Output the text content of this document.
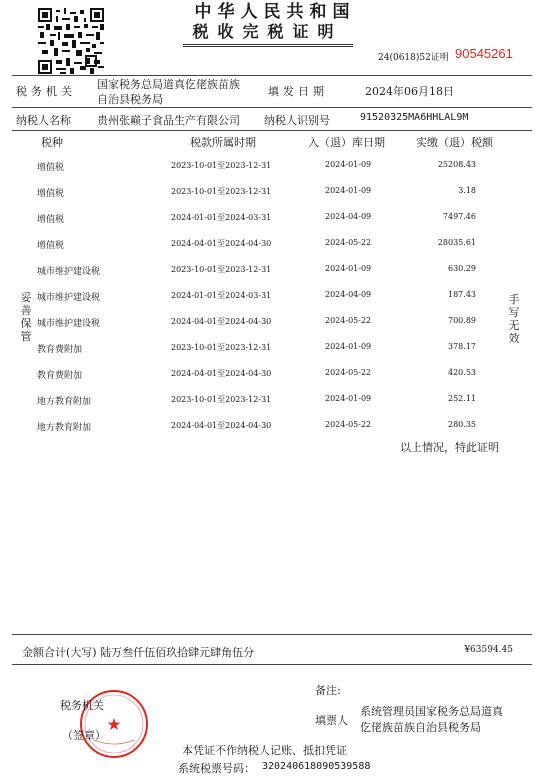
中华人民共和国
税收完税证明
24(0618)52证明 90545261
税务机关
国家税务总局道真仡佬族苗族
自治县税务局
填发日期	2024年06月18日
纳税人名称 贵州张巅子食品生产有限公司 纳税人识别号	91520325MA6HHLAL9M
税种	税款所属时期	入（退）库日期	实缴（退）税额
增值税	2023-10-01至2023-12-31	2024-01-09	25208.43
增值税	2023-10-01至2023-12-31	2024-01-09	3.18
增值税	2024-01-01至2024-03-31	2024-04-09	7497.46
增值税	2024-04-01至2024-04-30	2024-05-22	28035.61
城市维护建设税	2023-10-01至2023-12-31	2024-01-09	630.29
城市维护建设税	2024-01-01至2024-03-31	2024-04-09	187.43
城市维护建设税	2024-04-01至2024-04-30	2024-05-22	700.89
教育费附加	2023-10-01至2023-12-31	2024-01-09	378.17
教育费附加	2024-04-01至2024-04-30	2024-05-22	420.53
地方教育附加	2023-10-01至2023-12-31	2024-01-09	252.11
地方教育附加	2024-04-01至2024-04-30	2024-05-22	280.35
以上情况，特此证明
妥善保管
手写无效
金额合计(大写) 陆万叁仟伍佰玖拾肆元肆角伍分	¥63594.45
备注:
税务机关
（签章）
填票人
系统管理员国家税务总局道真
仡佬族苗族自治县税务局
本凭证不作纳税人记账、抵扣凭证
系统税票号码： 320240618090539588
